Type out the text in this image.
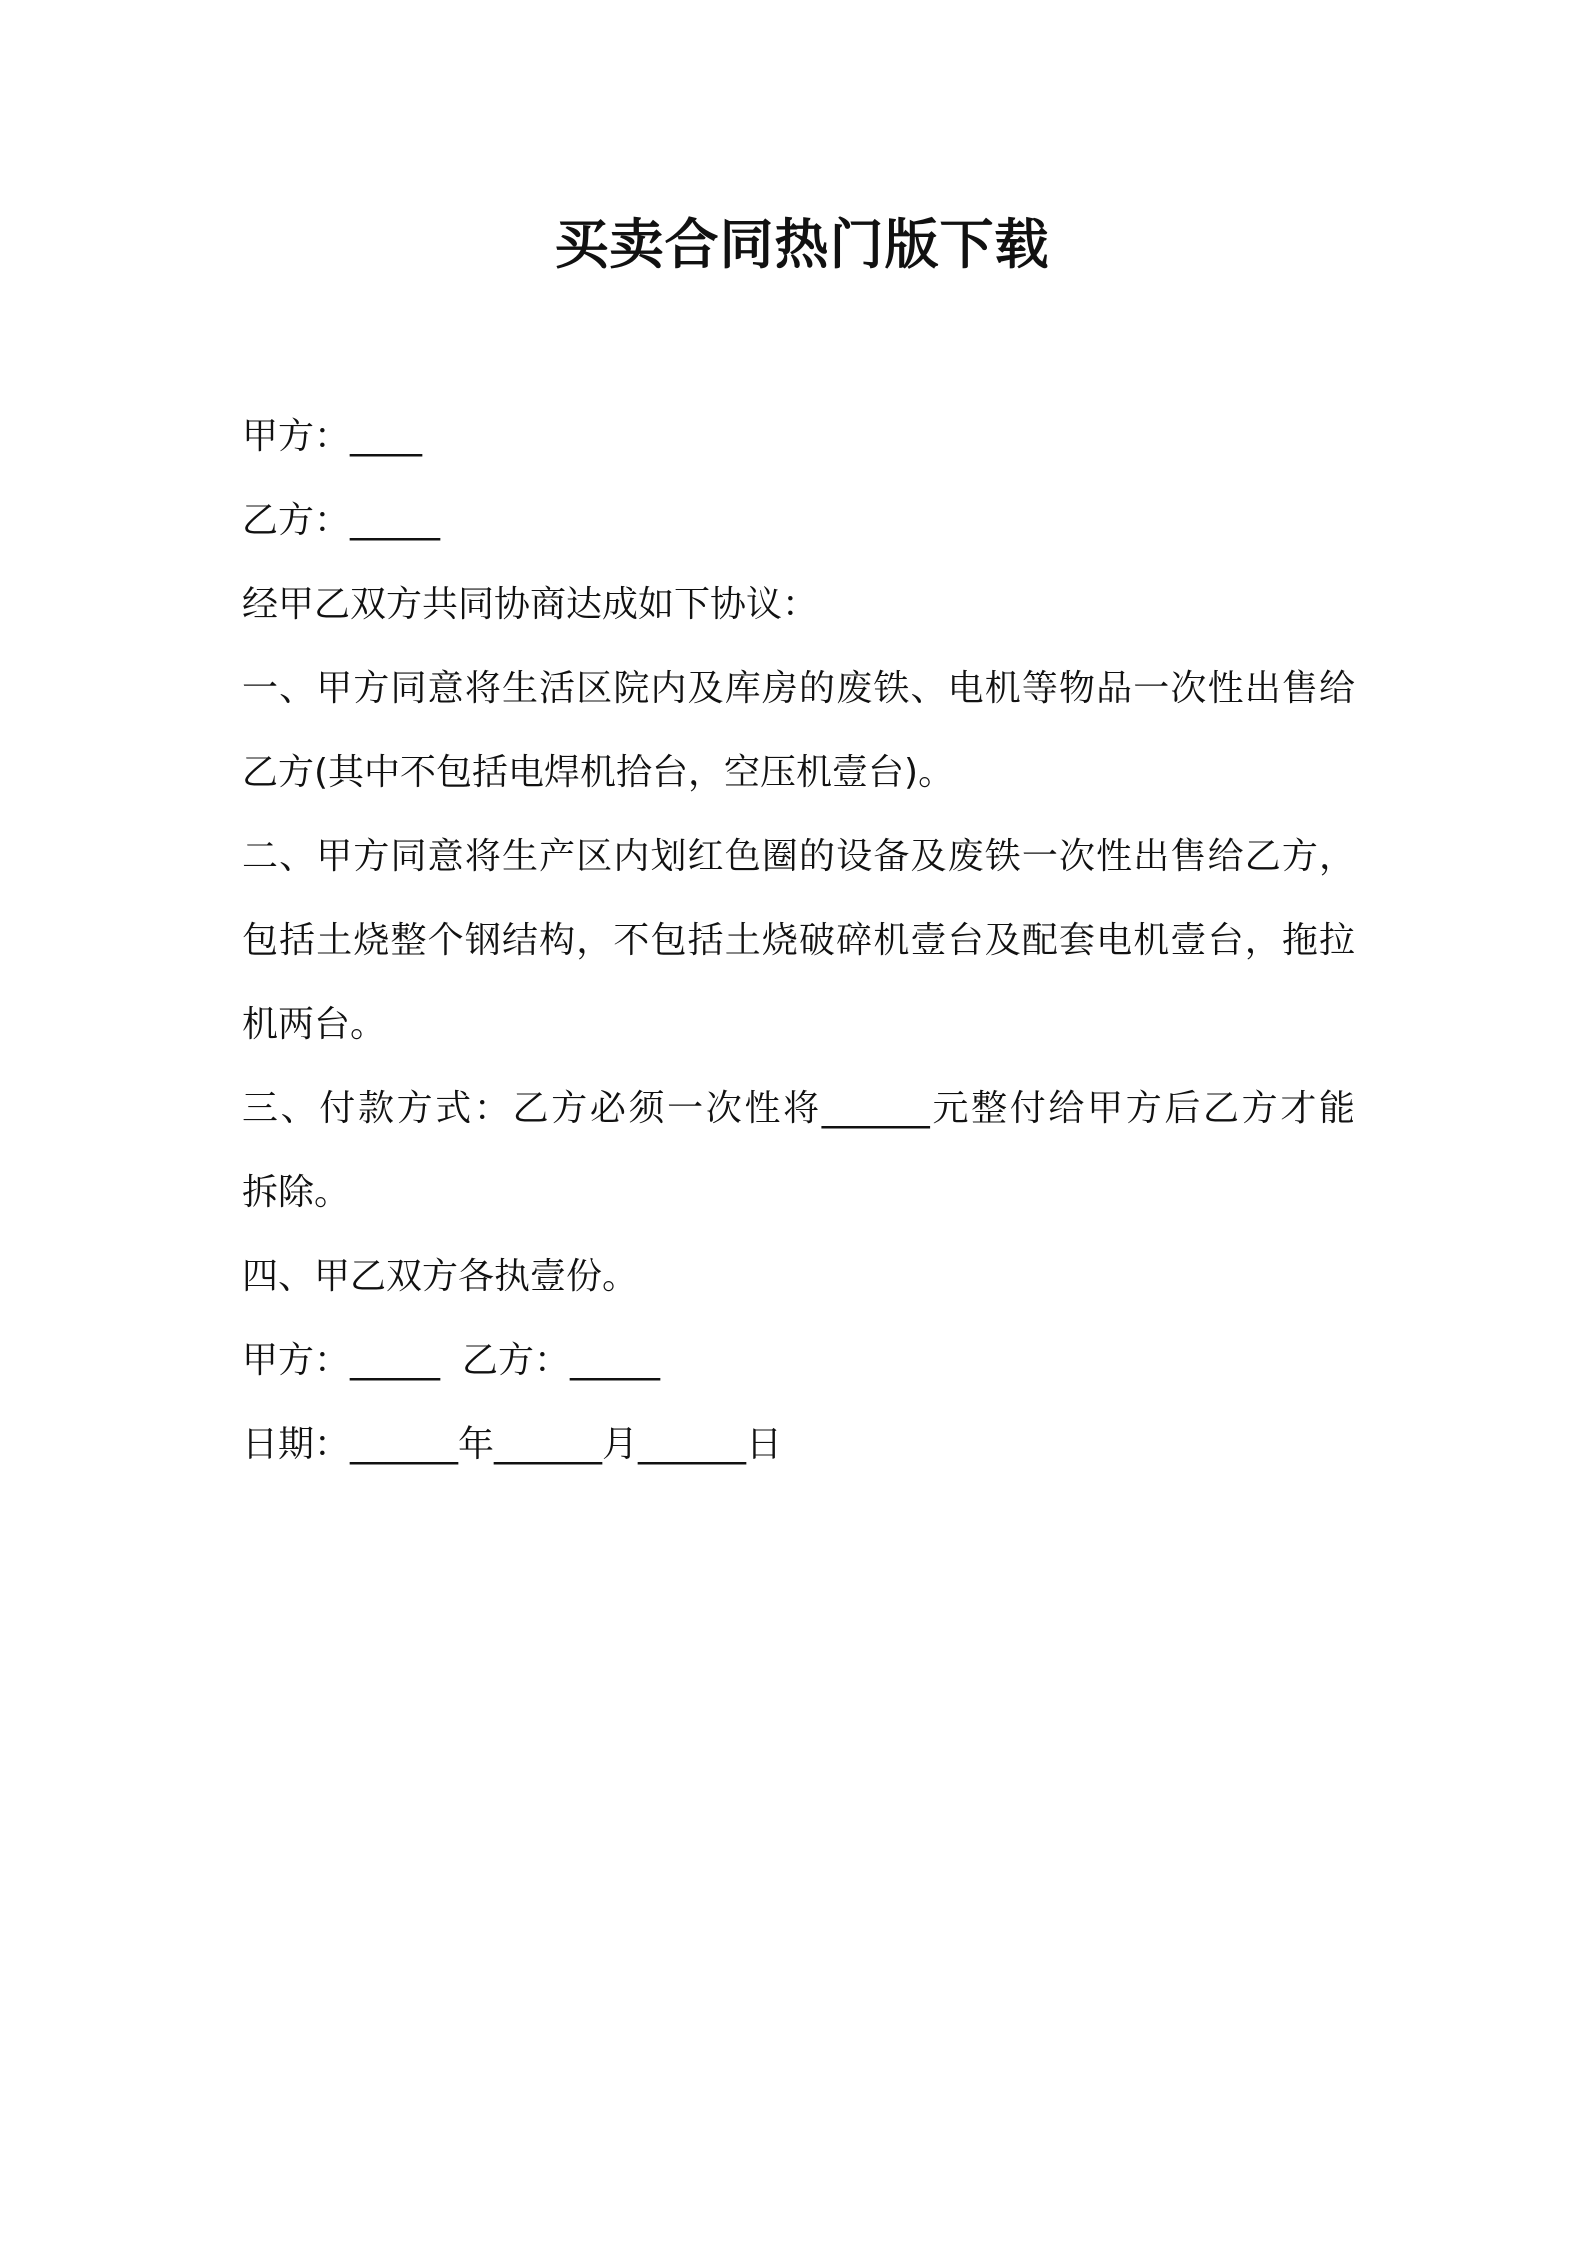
买卖合同热门版下载
甲方：____
乙方：_____
经甲乙双方共同协商达成如下协议：
一、甲方同意将生活区院内及库房的废铁、电机等物品一次性出售给
乙方(其中不包括电焊机拾台，空压机壹台)。
二、甲方同意将生产区内划红色圈的设备及废铁一次性出售给乙方，
包括土烧整个钢结构，不包括土烧破碎机壹台及配套电机壹台，拖拉
机两台。
三、付款方式：乙方必须一次性将______元整付给甲方后乙方才能
拆除。
四、甲乙双方各执壹份。
甲方：_____ 乙方：_____
日期：______年______月______日
